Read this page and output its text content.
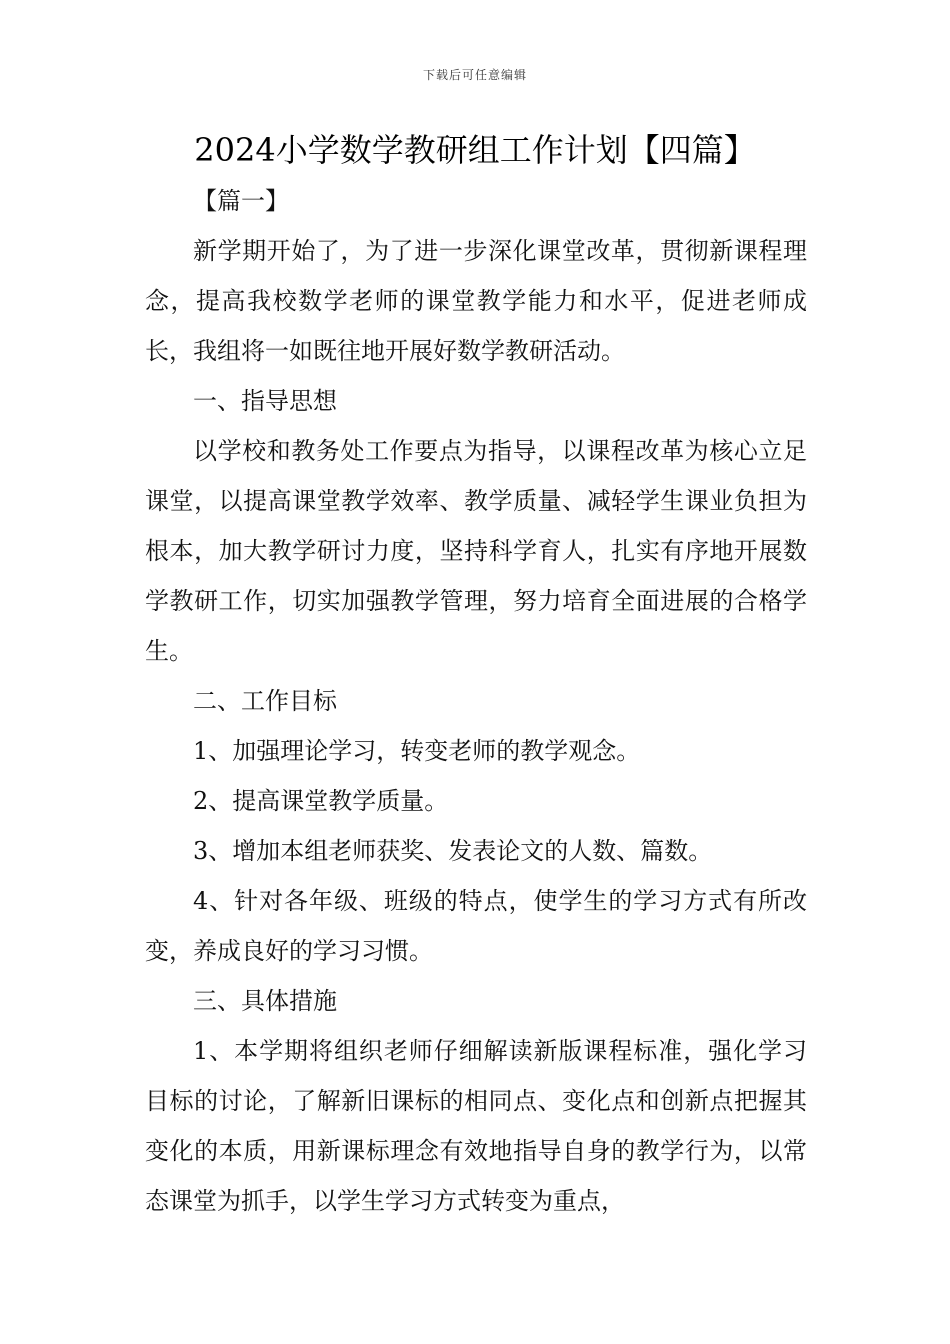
下载后可任意编辑
2024小学数学教研组工作计划【四篇】

【篇一】

新学期开始了，为了进一步深化课堂改革，贯彻新课程理念，提高我校数学老师的课堂教学能力和水平，促进老师成长，我组将一如既往地开展好数学教研活动。

一、指导思想

以学校和教务处工作要点为指导，以课程改革为核心立足课堂，以提高课堂教学效率、教学质量、减轻学生课业负担为根本，加大教学研讨力度，坚持科学育人，扎实有序地开展数学教研工作，切实加强教学管理，努力培育全面进展的合格学生。

二、工作目标

1、加强理论学习，转变老师的教学观念。

2、提高课堂教学质量。

3、增加本组老师获奖、发表论文的人数、篇数。

4、针对各年级、班级的特点，使学生的学习方式有所改变，养成良好的学习习惯。

三、具体措施

1、本学期将组织老师仔细解读新版课程标准，强化学习目标的讨论，了解新旧课标的相同点、变化点和创新点把握其变化的本质，用新课标理念有效地指导自身的教学行为，以常态课堂为抓手，以学生学习方式转变为重点，
